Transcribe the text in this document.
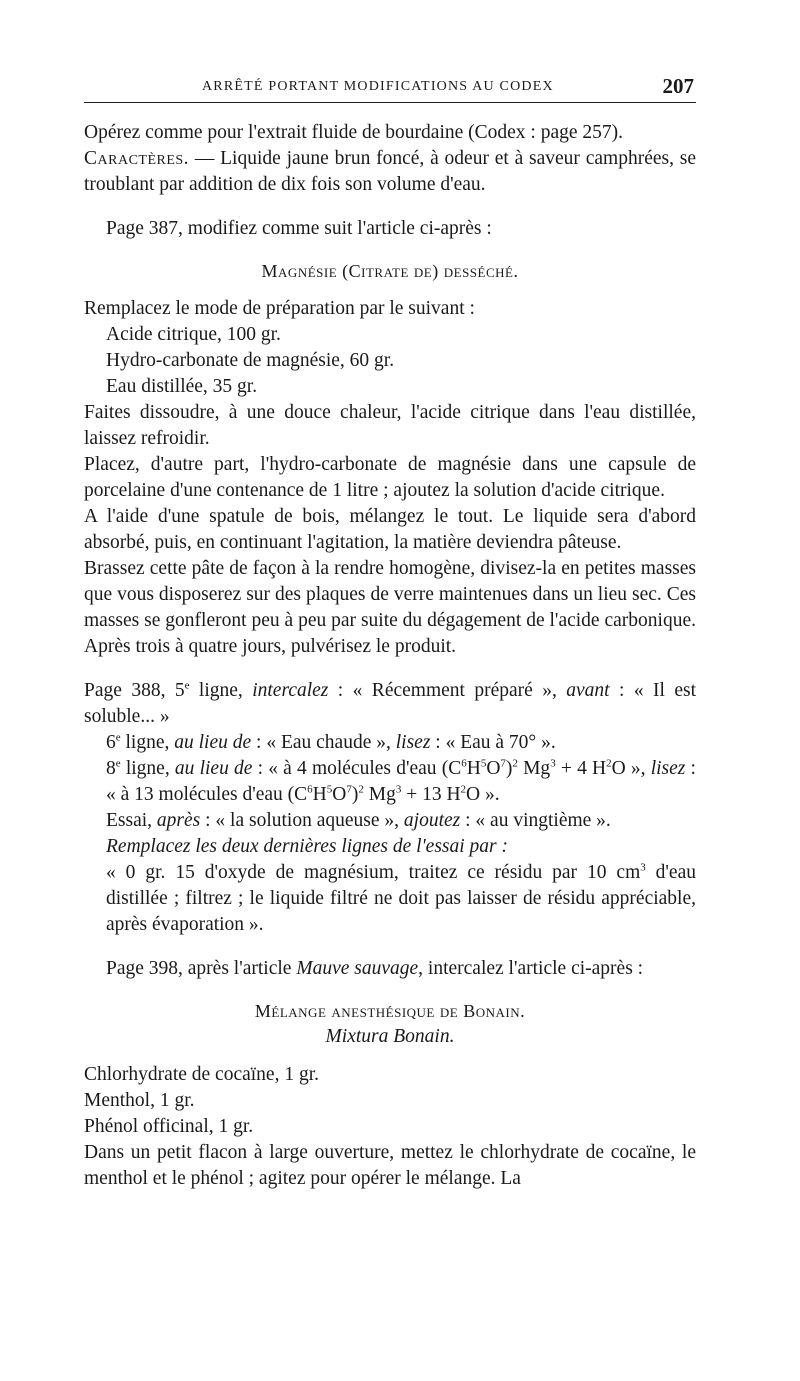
ARRÊTÉ PORTANT MODIFICATIONS AU CODEX	207

Opérez comme pour l'extrait fluide de bourdaine (Codex : page 257).

Caractères. — Liquide jaune brun foncé, à odeur et à saveur camphrées, se troublant par addition de dix fois son volume d'eau.

Page 387, modifiez comme suit l'article ci-après :

Magnésie (Citrate de) desséché.

Remplacez le mode de préparation par le suivant :

Acide citrique, 100 gr.

Hydro-carbonate de magnésie, 60 gr.

Eau distillée, 35 gr.

Faites dissoudre, à une douce chaleur, l'acide citrique dans l'eau distillée, laissez refroidir.

Placez, d'autre part, l'hydro-carbonate de magnésie dans une capsule de porcelaine d'une contenance de 1 litre ; ajoutez la solution d'acide citrique.

A l'aide d'une spatule de bois, mélangez le tout. Le liquide sera d'abord absorbé, puis, en continuant l'agitation, la matière deviendra pâteuse.

Brassez cette pâte de façon à la rendre homogène, divisez-la en petites masses que vous disposerez sur des plaques de verre maintenues dans un lieu sec. Ces masses se gonfleront peu à peu par suite du dégagement de l'acide carbonique. Après trois à quatre jours, pulvérisez le produit.

Page 388, 5e ligne, intercalez : « Récemment préparé », avant : « Il est soluble... »

6e ligne, au lieu de : « Eau chaude », lisez : « Eau à 70° ».

8e ligne, au lieu de : « à 4 molécules d'eau $(C^6H^5O^7)^2$ $Mg^3 + 4$ $H^2O$ », lisez : « à 13 molécules d'eau $(C^6H^5O^7)^2$ $Mg^3 + 13$ $H^2O$ ».

Essai, après : « la solution aqueuse », ajoutez : « au vingtième ».

Remplacez les deux dernières lignes de l'essai par :

« 0 gr. 15 d'oxyde de magnésium, traitez ce résidu par 10 $cm^3$ d'eau distillée ; filtrez ; le liquide filtré ne doit pas laisser de résidu appréciable, après évaporation ».

Page 398, après l'article Mauve sauvage, intercalez l'article ci-après :

Mélange anesthésique de Bonain.

Mixtura Bonain.

Chlorhydrate de cocaïne, 1 gr.

Menthol, 1 gr.

Phénol officinal, 1 gr.

Dans un petit flacon à large ouverture, mettez le chlorhydrate de cocaïne, le menthol et le phénol ; agitez pour opérer le mélange. La
